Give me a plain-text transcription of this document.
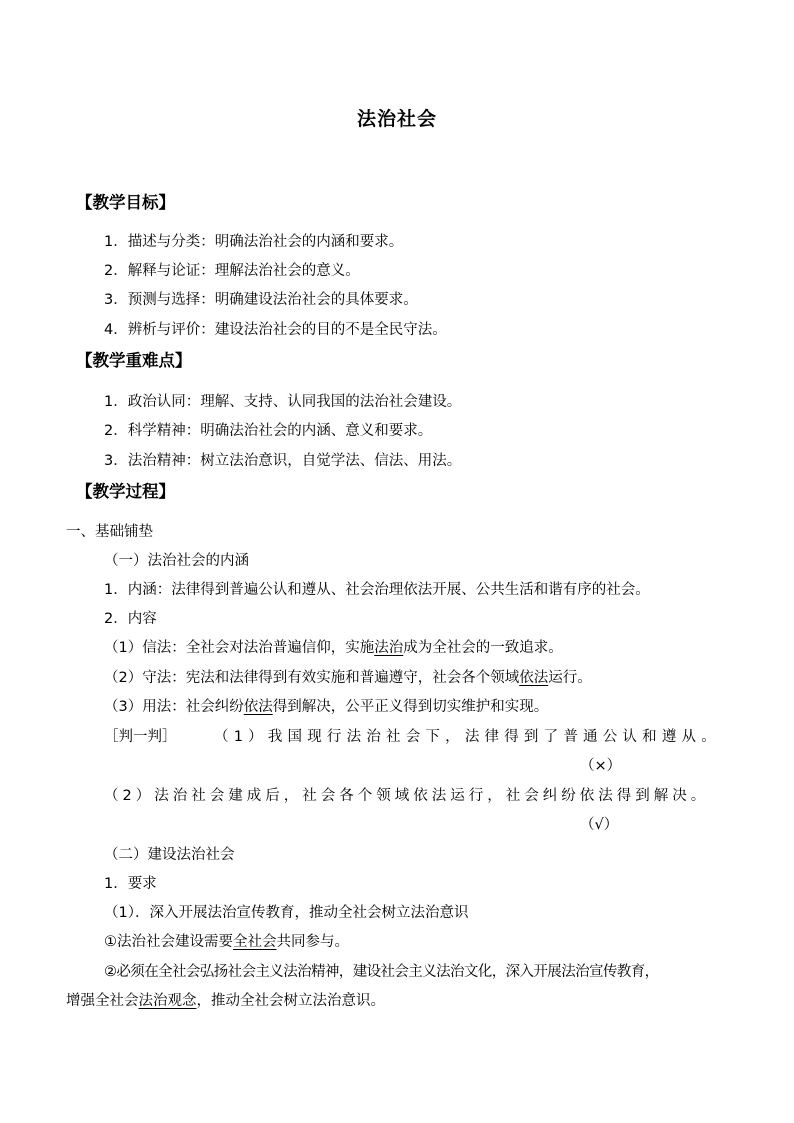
法治社会
【教学目标】
1．描述与分类：明确法治社会的内涵和要求。
2．解释与论证：理解法治社会的意义。
3．预测与选择：明确建设法治社会的具体要求。
4．辨析与评价：建设法治社会的目的不是全民守法。
【教学重难点】
1．政治认同：理解、支持、认同我国的法治社会建设。
2．科学精神：明确法治社会的内涵、意义和要求。
3．法治精神：树立法治意识，自觉学法、信法、用法。
【教学过程】
一、基础铺垫
（一）法治社会的内涵
1．内涵：法律得到普遍公认和遵从、社会治理依法开展、公共生活和谐有序的社会。
2．内容
（1）信法：全社会对法治普遍信仰，实施法治成为全社会的一致追求。
（2）守法：宪法和法律得到有效实施和普遍遵守，社会各个领域依法运行。
（3）用法：社会纠纷依法得到解决，公平正义得到切实维护和实现。
［判一判］	（1）我国现行法治社会下，法律得到了普通公认和遵从。
（×）
（2）法治社会建成后，社会各个领域依法运行，社会纠纷依法得到解决。
（√）
（二）建设法治社会
1．要求
（1）．深入开展法治宣传教育，推动全社会树立法治意识
①法治社会建设需要全社会共同参与。
②必须在全社会弘扬社会主义法治精神，建设社会主义法治文化，深入开展法治宣传教育，
增强全社会法治观念，推动全社会树立法治意识。
